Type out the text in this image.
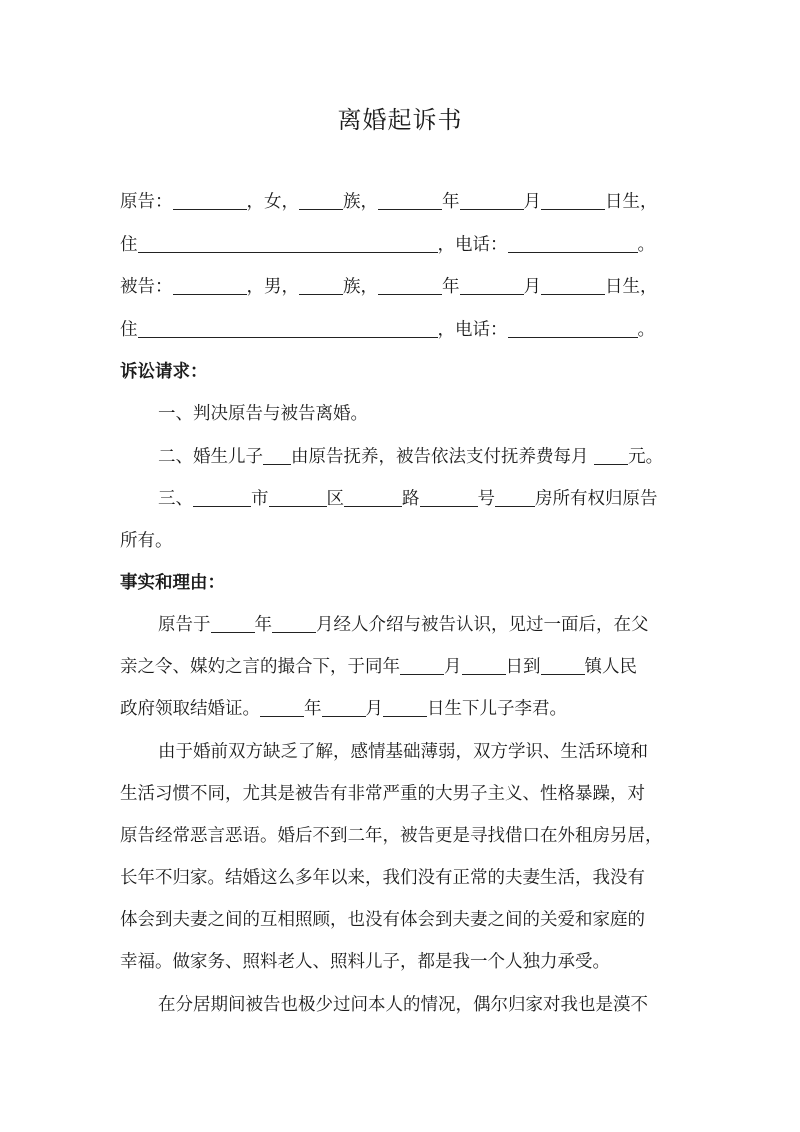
离婚起诉书
原告：	，女，	族，	年	月	日生，
住	，电话：	。
被告：	，男，	族，	年	月	日生，
住	，电话：	。
诉讼请求：
一、判决原告与被告离婚。
二、婚生儿子 由原告抚养，被告依法支付抚养费每月 元。
三、	市	区	路	号 房所有权归原告
所有。
事实和理由：
原告于	年	月经人介绍与被告认识，见过一面后，在父
亲之令、媒妁之言的撮合下，于同年	月	日到	镇人民
政府领取结婚证。	年	月	日生下儿子李君。
由于婚前双方缺乏了解，感情基础薄弱，双方学识、生活环境和
生活习惯不同，尤其是被告有非常严重的大男子主义、性格暴躁，对
原告经常恶言恶语。婚后不到二年，被告更是寻找借口在外租房另居，
长年不归家。结婚这么多年以来，我们没有正常的夫妻生活，我没有
体会到夫妻之间的互相照顾，也没有体会到夫妻之间的关爱和家庭的
幸福。做家务、照料老人、照料儿子，都是我一个人独力承受。
在分居期间被告也极少过问本人的情况，偶尔归家对我也是漠不
